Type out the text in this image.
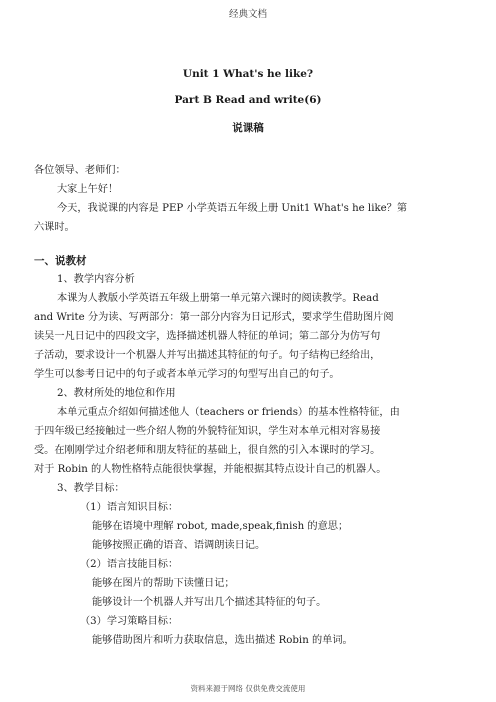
经典文档
Unit 1 What's he like?
Part B Read and write(6)
说课稿
各位领导、老师们：
大家上午好！
今天，我说课的内容是 PEP 小学英语五年级上册 Unit1 What's he like？第
六课时。
一、说教材
1、教学内容分析
本课为人教版小学英语五年级上册第一单元第六课时的阅读教学。Read
and Write 分为读、写两部分：第一部分内容为日记形式，要求学生借助图片阅
读吴一凡日记中的四段文字，选择描述机器人特征的单词；第二部分为仿写句
子活动，要求设计一个机器人并写出描述其特征的句子。句子结构已经给出，
学生可以参考日记中的句子或者本单元学习的句型写出自己的句子。
2、教材所处的地位和作用
本单元重点介绍如何描述他人（teachers or friends）的基本性格特征，由
于四年级已经接触过一些介绍人物的外貌特征知识，学生对本单元相对容易接
受。在刚刚学过介绍老师和朋友特征的基础上，很自然的引入本课时的学习。
对于 Robin 的人物性格特点能很快掌握，并能根据其特点设计自己的机器人。
3、教学目标：
（1）语言知识目标：
能够在语境中理解 robot, made,speak,finish 的意思；
能够按照正确的语音、语调朗读日记。
（2）语言技能目标：
能够在图片的帮助下读懂日记；
能够设计一个机器人并写出几个描述其特征的句子。
（3）学习策略目标：
能够借助图片和听力获取信息，选出描述 Robin 的单词。
资料来源于网络 仅供免费交流使用
